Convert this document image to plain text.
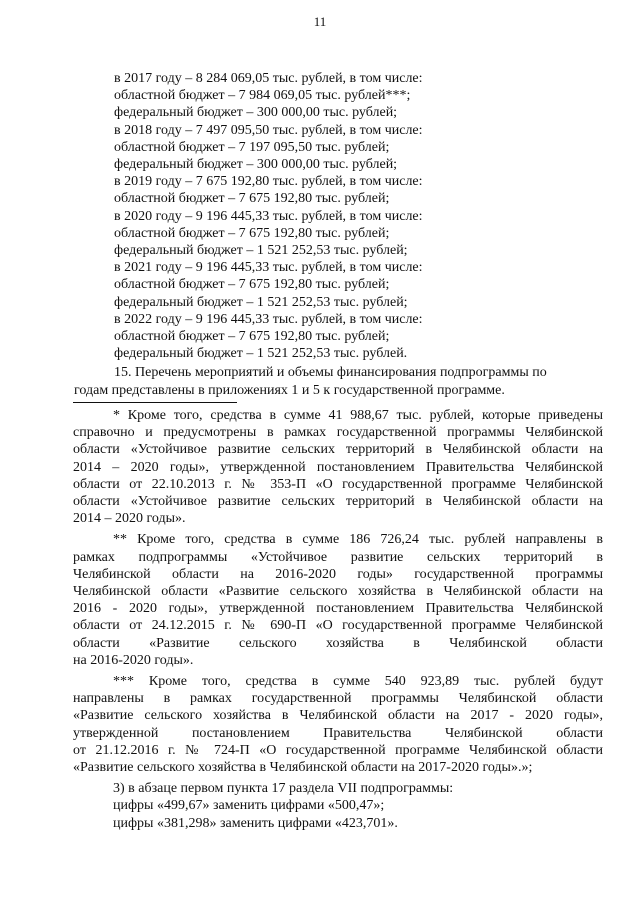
11
в 2017 году – 8 284 069,05 тыс. рублей, в том числе:
областной бюджет – 7 984 069,05 тыс. рублей***;
федеральный бюджет – 300 000,00 тыс. рублей;
в 2018 году – 7 497 095,50 тыс. рублей, в том числе:
областной бюджет – 7 197 095,50 тыс. рублей;
федеральный бюджет – 300 000,00 тыс. рублей;
в 2019 году – 7 675 192,80 тыс. рублей, в том числе:
областной бюджет – 7 675 192,80 тыс. рублей;
в 2020 году – 9 196 445,33 тыс. рублей, в том числе:
областной бюджет – 7 675 192,80 тыс. рублей;
федеральный бюджет – 1 521 252,53 тыс. рублей;
в 2021 году – 9 196 445,33 тыс. рублей, в том числе:
областной бюджет – 7 675 192,80 тыс. рублей;
федеральный бюджет – 1 521 252,53 тыс. рублей;
в 2022 году – 9 196 445,33 тыс. рублей, в том числе:
областной бюджет – 7 675 192,80 тыс. рублей;
федеральный бюджет – 1 521 252,53 тыс. рублей.
15. Перечень мероприятий и объемы финансирования подпрограммы по
годам представлены в приложениях 1 и 5 к государственной программе.
* Кроме того, средства в сумме 41 988,67 тыс. рублей, которые приведены
справочно и предусмотрены в рамках государственной программы Челябинской
области «Устойчивое развитие сельских территорий в Челябинской области на
2014 – 2020 годы», утвержденной постановлением Правительства Челябинской
области от 22.10.2013 г. № 353-П «О государственной программе Челябинской
области «Устойчивое развитие сельских территорий в Челябинской области на
2014 – 2020 годы».
** Кроме того, средства в сумме 186 726,24 тыс. рублей направлены в
рамках подпрограммы «Устойчивое развитие сельских территорий в
Челябинской области на 2016-2020 годы» государственной программы
Челябинской области «Развитие сельского хозяйства в Челябинской области на
2016 - 2020 годы», утвержденной постановлением Правительства Челябинской
области от 24.12.2015 г. № 690-П «О государственной программе Челябинской
области «Развитие сельского хозяйства в Челябинской области
на 2016-2020 годы».
*** Кроме того, средства в сумме 540 923,89 тыс. рублей будут
направлены в рамках государственной программы Челябинской области
«Развитие сельского хозяйства в Челябинской области на 2017 - 2020 годы»,
утвержденной постановлением Правительства Челябинской области
от 21.12.2016 г. № 724-П «О государственной программе Челябинской области
«Развитие сельского хозяйства в Челябинской области на 2017-2020 годы».»;
3) в абзаце первом пункта 17 раздела VII подпрограммы:
цифры «499,67» заменить цифрами «500,47»;
цифры «381,298» заменить цифрами «423,701».
